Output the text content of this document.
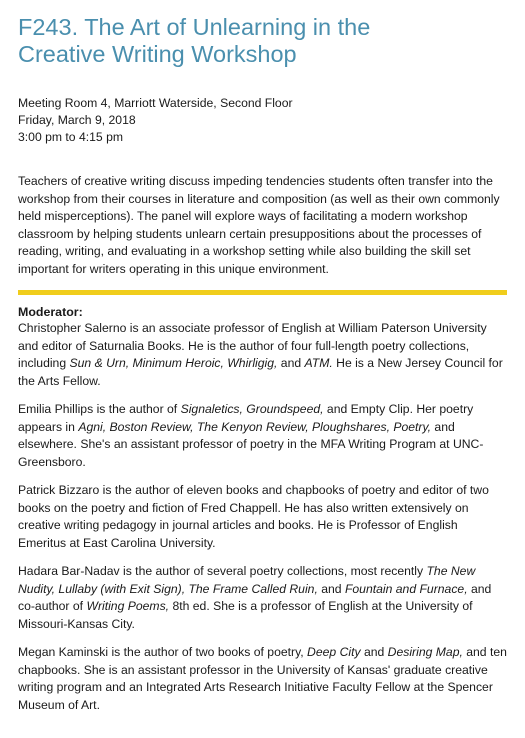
F243. The Art of Unlearning in the
Creative Writing Workshop
Meeting Room 4, Marriott Waterside, Second Floor
Friday, March 9, 2018
3:00 pm to 4:15 pm

Teachers of creative writing discuss impeding tendencies students often transfer into the workshop from their courses in literature and composition (as well as their own commonly held misperceptions). The panel will explore ways of facilitating a modern workshop classroom by helping students unlearn certain presuppositions about the processes of reading, writing, and evaluating in a workshop setting while also building the skill set important for writers operating in this unique environment.

Moderator:

Christopher Salerno is an associate professor of English at William Paterson University and editor of Saturnalia Books. He is the author of four full-length poetry collections, including Sun & Urn, Minimum Heroic, Whirligig, and ATM. He is a New Jersey Council for the Arts Fellow.

Emilia Phillips is the author of Signaletics, Groundspeed, and Empty Clip. Her poetry appears in Agni, Boston Review, The Kenyon Review, Ploughshares, Poetry, and elsewhere. She's an assistant professor of poetry in the MFA Writing Program at UNC-Greensboro.

Patrick Bizzaro is the author of eleven books and chapbooks of poetry and editor of two books on the poetry and fiction of Fred Chappell. He has also written extensively on creative writing pedagogy in journal articles and books. He is Professor of English Emeritus at East Carolina University.

Hadara Bar-Nadav is the author of several poetry collections, most recently The New Nudity, Lullaby (with Exit Sign), The Frame Called Ruin, and Fountain and Furnace, and co-author of Writing Poems, 8th ed. She is a professor of English at the University of Missouri-Kansas City.

Megan Kaminski is the author of two books of poetry, Deep City and Desiring Map, and ten chapbooks. She is an assistant professor in the University of Kansas' graduate creative writing program and an Integrated Arts Research Initiative Faculty Fellow at the Spencer Museum of Art.
